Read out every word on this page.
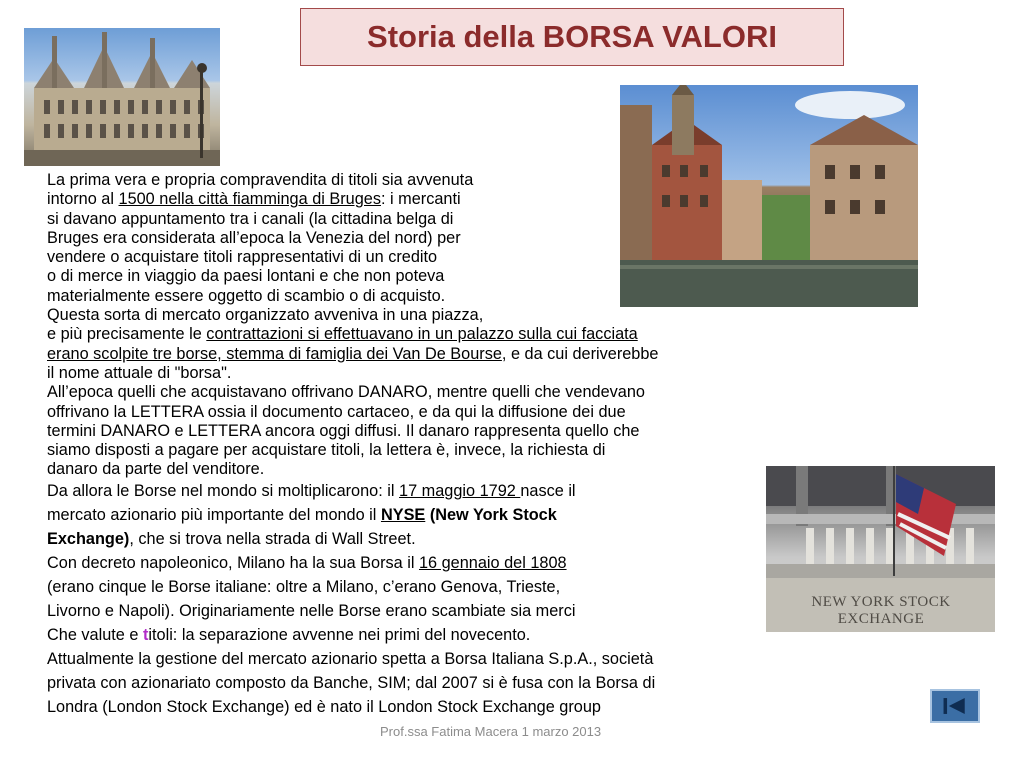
Storia della BORSA VALORI
NEW YORK STOCK EXCHANGE
La prima vera e propria compravendita di titoli sia avvenuta
intorno al 1500 nella città fiamminga di Bruges: i mercanti
si davano appuntamento tra i canali (la cittadina belga di
Bruges era considerata all’epoca la Venezia del nord) per
vendere o acquistare titoli rappresentativi di un credito
o di merce in viaggio da paesi lontani e che non poteva
materialmente essere oggetto di scambio o di acquisto.
Questa sorta di mercato organizzato avveniva in una piazza,
e più precisamente le contrattazioni si effettuavano in un palazzo sulla cui facciata
erano scolpite tre borse, stemma di famiglia dei Van De Bourse, e da cui deriverebbe
il nome attuale di "borsa".
All’epoca quelli che acquistavano offrivano DANARO, mentre quelli che vendevano
offrivano la LETTERA ossia il documento cartaceo, e da qui la diffusione dei due
termini DANARO e LETTERA ancora oggi diffusi. Il danaro rappresenta quello che
siamo disposti a pagare per acquistare titoli, la lettera è, invece, la richiesta di
danaro da parte del venditore.
Da allora le Borse nel mondo si moltiplicarono: il 17 maggio 1792 nasce il
mercato azionario più importante del mondo il NYSE (New York Stock
Exchange), che si trova nella strada di Wall Street.
Con decreto napoleonico, Milano ha la sua Borsa il 16 gennaio del 1808
(erano cinque le Borse italiane: oltre a Milano, c’erano Genova, Trieste,
Livorno e Napoli). Originariamente nelle Borse erano scambiate sia merci
Che valute e titoli: la separazione avvenne nei primi del novecento.
Attualmente la gestione del mercato azionario spetta a Borsa Italiana S.p.A., società
privata con azionariato composto da Banche, SIM; dal 2007 si è fusa con la Borsa di
Londra (London Stock Exchange) ed è nato il London Stock Exchange group
Prof.ssa Fatima Macera 1 marzo 2013
